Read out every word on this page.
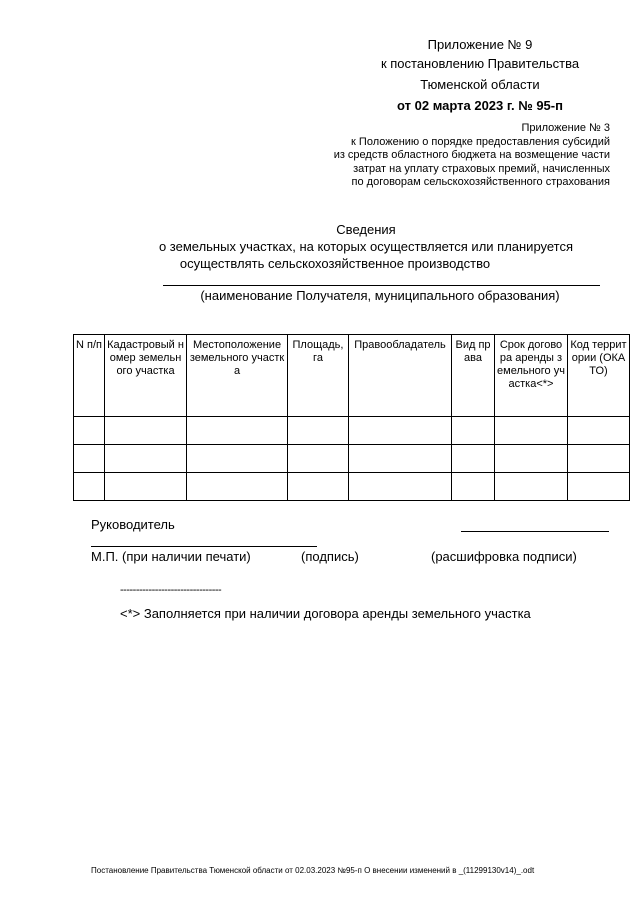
Приложение № 9
к постановлению Правительства
Тюменской области
от 02 марта 2023 г. № 95-п
Приложение № 3
к Положению о порядке предоставления субсидий
из средств областного бюджета на возмещение части
затрат на уплату страховых премий, начисленных
по договорам сельскохозяйственного страхования
Сведения
о земельных участках, на которых осуществляется или планируется
осуществлять сельскохозяйственное производство
(наименование Получателя, муниципального образования)
N п/п	Кадастровый номер земельного участка	Местоположение земельного участка	Площадь, га	Правообладатель	Вид права	Срок договора аренды земельного участка<*>	Код территории (ОКАТО)

Руководитель
М.П. (при наличии печати)	(подпись)	(расшифровка подписи)
--------------------------------
<*> Заполняется при наличии договора аренды земельного участка
Постановление Правительства Тюменской области от 02.03.2023 №95-п О внесении изменений в _(11299130v14)_.odt
